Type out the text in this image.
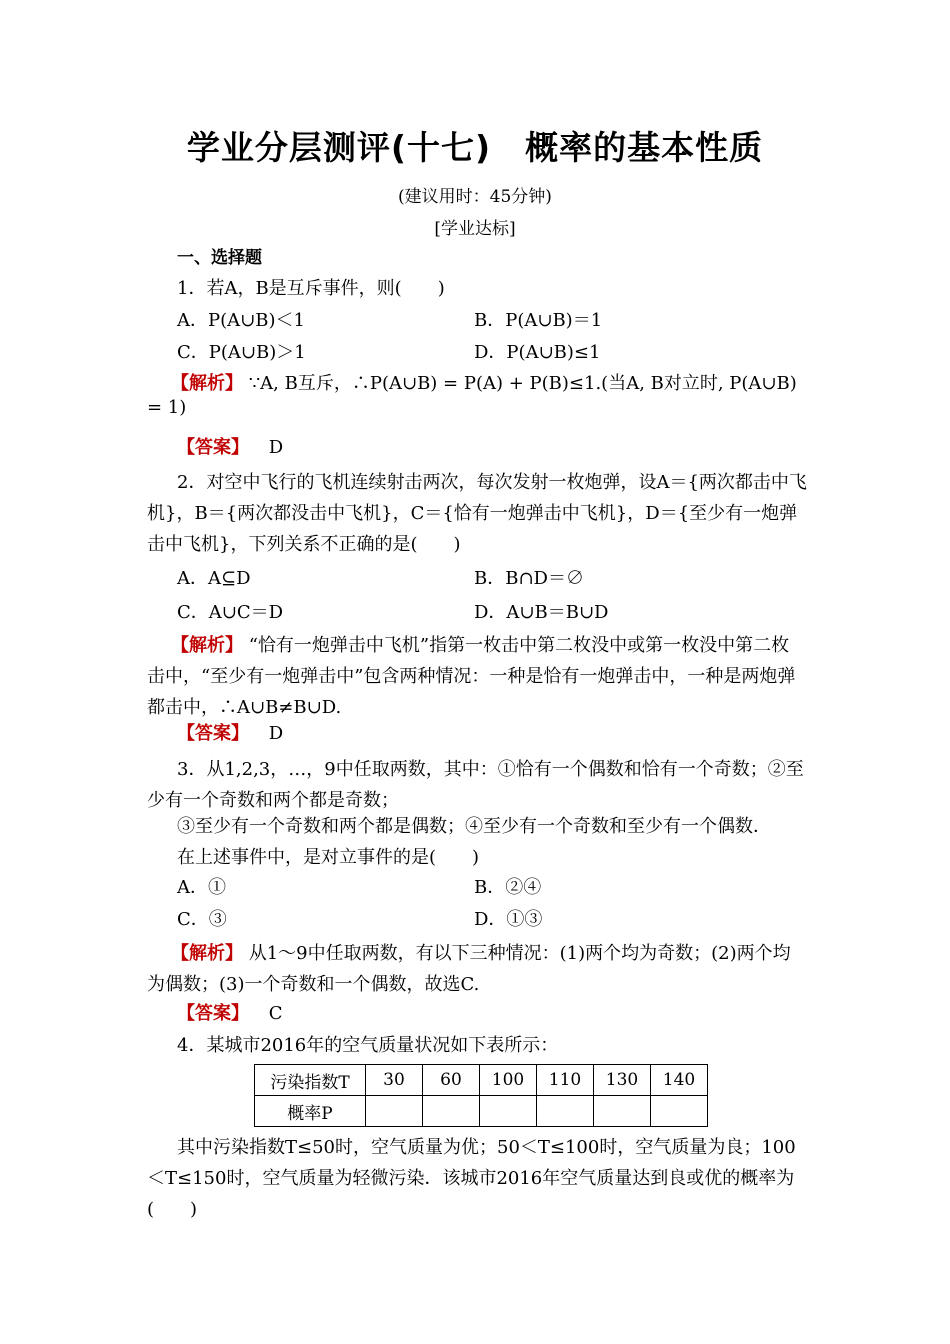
学业分层测评(十七)　概率的基本性质
(建议用时：45分钟)
[学业达标]
一、选择题
1．若A，B是互斥事件，则(　　)
A．P(A∪B)＜1	B．P(A∪B)＝1
C．P(A∪B)＞1	D．P(A∪B)≤1
【解析】 ∵A, B互斥，∴P(A∪B) = P(A) + P(B)≤1.(当A, B对立时, P(A∪B) = 1)
【答案】 D
2．对空中飞行的飞机连续射击两次，每次发射一枚炮弹，设A＝{两次都击中飞机}，B＝{两次都没击中飞机}，C＝{恰有一炮弹击中飞机}，D＝{至少有一炮弹击中飞机}，下列关系不正确的是(　　)
A．A⊆D	B．B∩D＝∅
C．A∪C＝D	D．A∪B＝B∪D
【解析】 “恰有一炮弹击中飞机”指第一枚击中第二枚没中或第一枚没中第二枚击中，“至少有一炮弹击中”包含两种情况：一种是恰有一炮弹击中，一种是两炮弹都击中，∴A∪B≠B∪D.
【答案】 D
3．从1,2,3，…，9中任取两数，其中：①恰有一个偶数和恰有一个奇数；②至少有一个奇数和两个都是奇数；
③至少有一个奇数和两个都是偶数；④至少有一个奇数和至少有一个偶数．
在上述事件中，是对立事件的是(　　)
A．①	B．②④
C．③	D．①③
【解析】 从1～9中任取两数，有以下三种情况：(1)两个均为奇数；(2)两个均为偶数；(3)一个奇数和一个偶数，故选C.
【答案】 C
4．某城市2016年的空气质量状况如下表所示：
污染指数T	30	60	100	110	130	140
概率P						
其中污染指数T≤50时，空气质量为优；50＜T≤100时，空气质量为良；100＜T≤150时，空气质量为轻微污染．该城市2016年空气质量达到良或优的概率为(　　)
